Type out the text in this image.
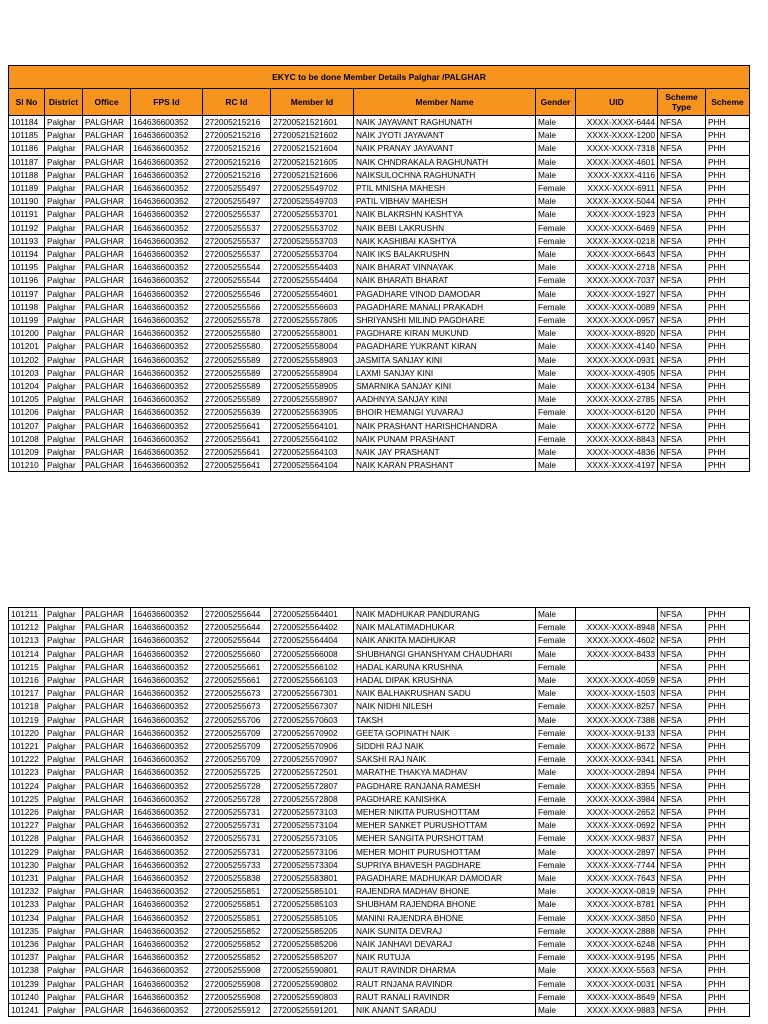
EKYC to be done Member Details Palghar /PALGHAR										
Sl No	District	Office	FPS Id	RC Id	Member Id	Member Name	Gender	UID	Scheme Type	Scheme
101184	Palghar	PALGHAR	164636600352	272005215216	27200521521601	NAIK JAYAVANT RAGHUNATH	Male	XXXX-XXXX-6444	NFSA	PHH
101185	Palghar	PALGHAR	164636600352	272005215216	27200521521602	NAIK JYOTI JAYAVANT	Male	XXXX-XXXX-1200	NFSA	PHH
101186	Palghar	PALGHAR	164636600352	272005215216	27200521521604	NAIK PRANAY JAYAVANT	Male	XXXX-XXXX-7318	NFSA	PHH
101187	Palghar	PALGHAR	164636600352	272005215216	27200521521605	NAIK CHNDRAKALA RAGHUNATH	Male	XXXX-XXXX-4601	NFSA	PHH
101188	Palghar	PALGHAR	164636600352	272005215216	27200521521606	NAIKSULOCHNA RAGHUNATH	Male	XXXX-XXXX-4116	NFSA	PHH
101189	Palghar	PALGHAR	164636600352	272005255497	27200525549702	PTIL MNISHA MAHESH	Female	XXXX-XXXX-6911	NFSA	PHH
101190	Palghar	PALGHAR	164636600352	272005255497	27200525549703	PATIL VIBHAV MAHESH	Male	XXXX-XXXX-5044	NFSA	PHH
101191	Palghar	PALGHAR	164636600352	272005255537	27200525553701	NAIK BLAKRSHN KASHTYA	Male	XXXX-XXXX-1923	NFSA	PHH
101192	Palghar	PALGHAR	164636600352	272005255537	27200525553702	NAIK BEBI LAKRUSHN	Female	XXXX-XXXX-6469	NFSA	PHH
101193	Palghar	PALGHAR	164636600352	272005255537	27200525553703	NAIK KASHIBAI KASHTYA	Female	XXXX-XXXX-0218	NFSA	PHH
101194	Palghar	PALGHAR	164636600352	272005255537	27200525553704	NAIK IKS BALAKRUSHN	Male	XXXX-XXXX-6643	NFSA	PHH
101195	Palghar	PALGHAR	164636600352	272005255544	27200525554403	NAIK BHARAT VINNAYAK	Male	XXXX-XXXX-2718	NFSA	PHH
101196	Palghar	PALGHAR	164636600352	272005255544	27200525554404	NAIK BHARATI BHARAT	Female	XXXX-XXXX-7037	NFSA	PHH
101197	Palghar	PALGHAR	164636600352	272005255546	27200525554601	PAGADHARE VINOD DAMODAR	Male	XXXX-XXXX-1927	NFSA	PHH
101198	Palghar	PALGHAR	164636600352	272005255566	27200525556603	PAGADHARE MANALI PRAKADH	Female	XXXX-XXXX-0089	NFSA	PHH
101199	Palghar	PALGHAR	164636600352	272005255578	27200525557805	SHRIYANSHI MILIND PAGDHARE	Female	XXXX-XXXX-0957	NFSA	PHH
101200	Palghar	PALGHAR	164636600352	272005255580	27200525558001	PAGDHARE KIRAN MUKUND	Male	XXXX-XXXX-8920	NFSA	PHH
101201	Palghar	PALGHAR	164636600352	272005255580	27200525558004	PAGADHARE YUKRANT KIRAN	Male	XXXX-XXXX-4140	NFSA	PHH
101202	Palghar	PALGHAR	164636600352	272005255589	27200525558903	JASMITA SANJAY KINI	Male	XXXX-XXXX-0931	NFSA	PHH
101203	Palghar	PALGHAR	164636600352	272005255589	27200525558904	LAXMI SANJAY KINI	Male	XXXX-XXXX-4905	NFSA	PHH
101204	Palghar	PALGHAR	164636600352	272005255589	27200525558905	SMARNIKA SANJAY KINI	Male	XXXX-XXXX-6134	NFSA	PHH
101205	Palghar	PALGHAR	164636600352	272005255589	27200525558907	AADHNYA SANJAY KINI	Male	XXXX-XXXX-2785	NFSA	PHH
101206	Palghar	PALGHAR	164636600352	272005255639	27200525563905	BHOIR HEMANGI YUVARAJ	Female	XXXX-XXXX-6120	NFSA	PHH
101207	Palghar	PALGHAR	164636600352	272005255641	27200525564101	NAIK PRASHANT HARISHCHANDRA	Male	XXXX-XXXX-6772	NFSA	PHH
101208	Palghar	PALGHAR	164636600352	272005255641	27200525564102	NAIK PUNAM PRASHANT	Female	XXXX-XXXX-8843	NFSA	PHH
101209	Palghar	PALGHAR	164636600352	272005255641	27200525564103	NAIK JAY PRASHANT	Male	XXXX-XXXX-4836	NFSA	PHH
101210	Palghar	PALGHAR	164636600352	272005255641	27200525564104	NAIK KARAN PRASHANT	Male	XXXX-XXXX-4197	NFSA	PHH
101211	Palghar	PALGHAR	164636600352	272005255644	27200525564401	NAIK MADHUKAR PANDURANG	Male		NFSA	PHH
101212	Palghar	PALGHAR	164636600352	272005255644	27200525564402	NAIK MALATIMADHUKAR	Female	XXXX-XXXX-8948	NFSA	PHH
101213	Palghar	PALGHAR	164636600352	272005255644	27200525564404	NAIK ANKITA MADHUKAR	Female	XXXX-XXXX-4602	NFSA	PHH
101214	Palghar	PALGHAR	164636600352	272005255660	27200525566008	SHUBHANGI GHANSHYAM CHAUDHARI	Male	XXXX-XXXX-8433	NFSA	PHH
101215	Palghar	PALGHAR	164636600352	272005255661	27200525566102	HADAL KARUNA KRUSHNA	Female		NFSA	PHH
101216	Palghar	PALGHAR	164636600352	272005255661	27200525566103	HADAL DIPAK KRUSHNA	Male	XXXX-XXXX-4059	NFSA	PHH
101217	Palghar	PALGHAR	164636600352	272005255673	27200525567301	NAIK BALHAKRUSHAN SADU	Male	XXXX-XXXX-1503	NFSA	PHH
101218	Palghar	PALGHAR	164636600352	272005255673	27200525567307	NAIK NIDHI NILESH	Female	XXXX-XXXX-8257	NFSA	PHH
101219	Palghar	PALGHAR	164636600352	272005255706	27200525570603	TAKSH	Male	XXXX-XXXX-7388	NFSA	PHH
101220	Palghar	PALGHAR	164636600352	272005255709	27200525570902	GEETA GOPINATH NAIK	Female	XXXX-XXXX-9133	NFSA	PHH
101221	Palghar	PALGHAR	164636600352	272005255709	27200525570906	SIDDHI RAJ NAIK	Female	XXXX-XXXX-8672	NFSA	PHH
101222	Palghar	PALGHAR	164636600352	272005255709	27200525570907	SAKSHI RAJ NAIK	Female	XXXX-XXXX-9341	NFSA	PHH
101223	Palghar	PALGHAR	164636600352	272005255725	27200525572501	MARATHE THAKYA MADHAV	Male	XXXX-XXXX-2894	NFSA	PHH
101224	Palghar	PALGHAR	164636600352	272005255728	27200525572807	PAGDHARE RANJANA RAMESH	Female	XXXX-XXXX-8355	NFSA	PHH
101225	Palghar	PALGHAR	164636600352	272005255728	27200525572808	PAGDHARE KANISHKA	Female	XXXX-XXXX-3984	NFSA	PHH
101226	Palghar	PALGHAR	164636600352	272005255731	27200525573103	MEHER NIKITA PURUSHOTTAM	Female	XXXX-XXXX-2652	NFSA	PHH
101227	Palghar	PALGHAR	164636600352	272005255731	27200525573104	MEHER SANKET PURUSHOTTAM	Male	XXXX-XXXX-0692	NFSA	PHH
101228	Palghar	PALGHAR	164636600352	272005255731	27200525573105	MEHER SANGITA PURSHOTTAM	Female	XXXX-XXXX-9837	NFSA	PHH
101229	Palghar	PALGHAR	164636600352	272005255731	27200525573106	MEHER MOHIT PURUSHOTTAM	Male	XXXX-XXXX-2897	NFSA	PHH
101230	Palghar	PALGHAR	164636600352	272005255733	27200525573304	SUPRIYA BHAVESH PAGDHARE	Female	XXXX-XXXX-7744	NFSA	PHH
101231	Palghar	PALGHAR	164636600352	272005255838	27200525583801	PAGADHARE MADHUKAR DAMODAR	Male	XXXX-XXXX-7643	NFSA	PHH
101232	Palghar	PALGHAR	164636600352	272005255851	27200525585101	RAJENDRA MADHAV BHONE	Male	XXXX-XXXX-0819	NFSA	PHH
101233	Palghar	PALGHAR	164636600352	272005255851	27200525585103	SHUBHAM RAJENDRA BHONE	Male	XXXX-XXXX-8781	NFSA	PHH
101234	Palghar	PALGHAR	164636600352	272005255851	27200525585105	MANINI RAJENDRA BHONE	Female	XXXX-XXXX-3850	NFSA	PHH
101235	Palghar	PALGHAR	164636600352	272005255852	27200525585205	NAIK SUNITA DEVRAJ	Female	XXXX-XXXX-2888	NFSA	PHH
101236	Palghar	PALGHAR	164636600352	272005255852	27200525585206	NAIK JANHAVI DEVARAJ	Female	XXXX-XXXX-6248	NFSA	PHH
101237	Palghar	PALGHAR	164636600352	272005255852	27200525585207	NAIK RUTUJA	Female	XXXX-XXXX-9195	NFSA	PHH
101238	Palghar	PALGHAR	164636600352	272005255908	27200525590801	RAUT RAVINDR DHARMA	Male	XXXX-XXXX-5563	NFSA	PHH
101239	Palghar	PALGHAR	164636600352	272005255908	27200525590802	RAUT RNJANA RAVINDR	Female	XXXX-XXXX-0031	NFSA	PHH
101240	Palghar	PALGHAR	164636600352	272005255908	27200525590803	RAUT RANALI RAVINDR	Female	XXXX-XXXX-8649	NFSA	PHH
101241	Palghar	PALGHAR	164636600352	272005255912	27200525591201	NIK ANANT SARADU	Male	XXXX-XXXX-9883	NFSA	PHH
